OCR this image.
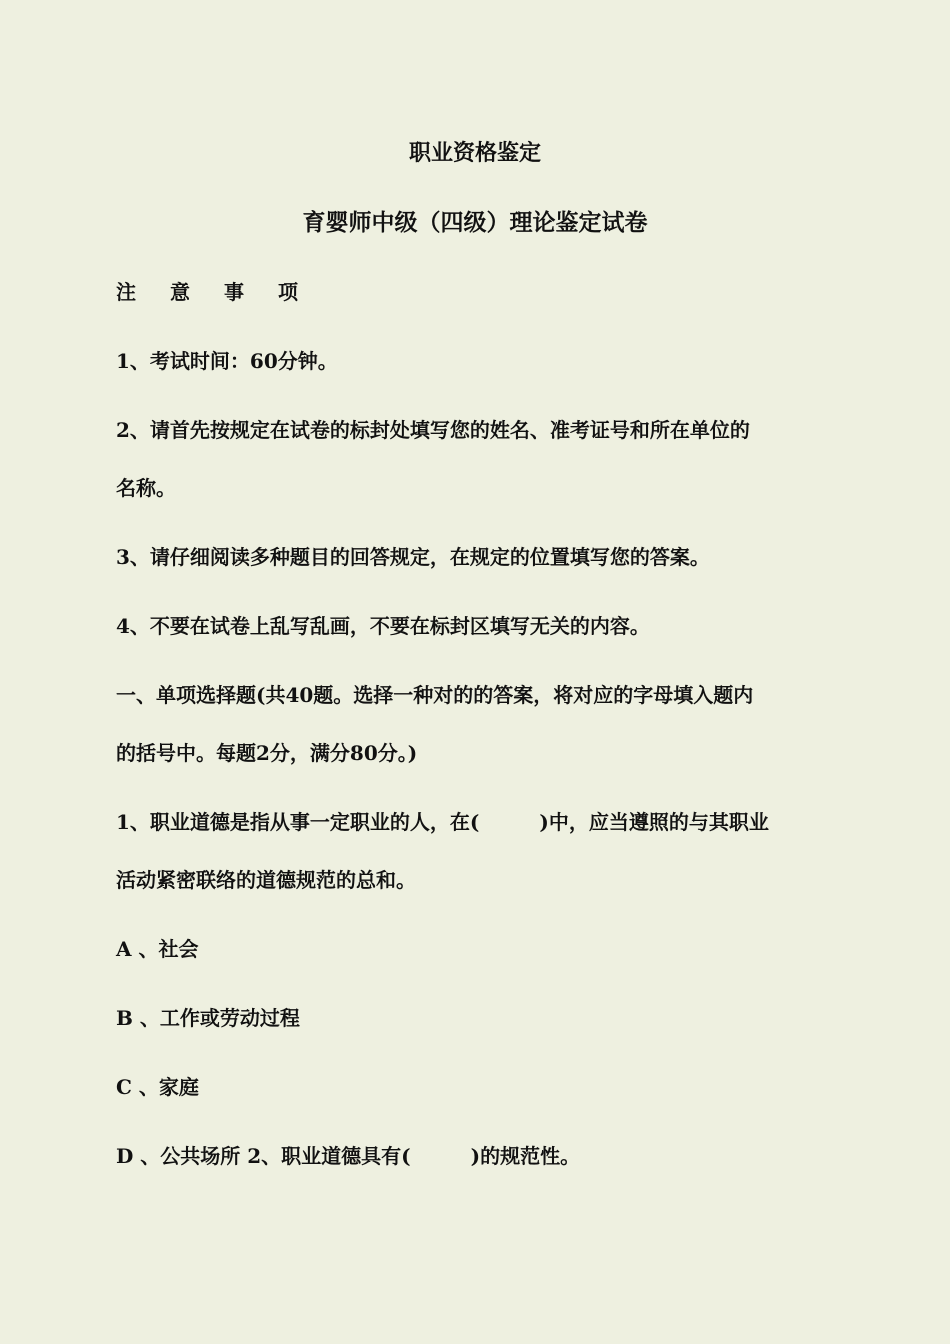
职业资格鉴定
育婴师中级（四级）理论鉴定试卷
注 意 事 项
1、考试时间：60分钟。
2、请首先按规定在试卷的标封处填写您的姓名、准考证号和所在单位的
名称。
3、请仔细阅读多种题目的回答规定，在规定的位置填写您的答案。
4、不要在试卷上乱写乱画，不要在标封区填写无关的内容。
一、单项选择题(共40题。选择一种对的的答案，将对应的字母填入题内
的括号中。每题2分，满分80分。)
1、职业道德是指从事一定职业的人，在(　　　)中，应当遵照的与其职业
活动紧密联络的道德规范的总和。
A 、社会
B 、工作或劳动过程
C 、家庭
D 、公共场所 2、职业道德具有(　　　)的规范性。
